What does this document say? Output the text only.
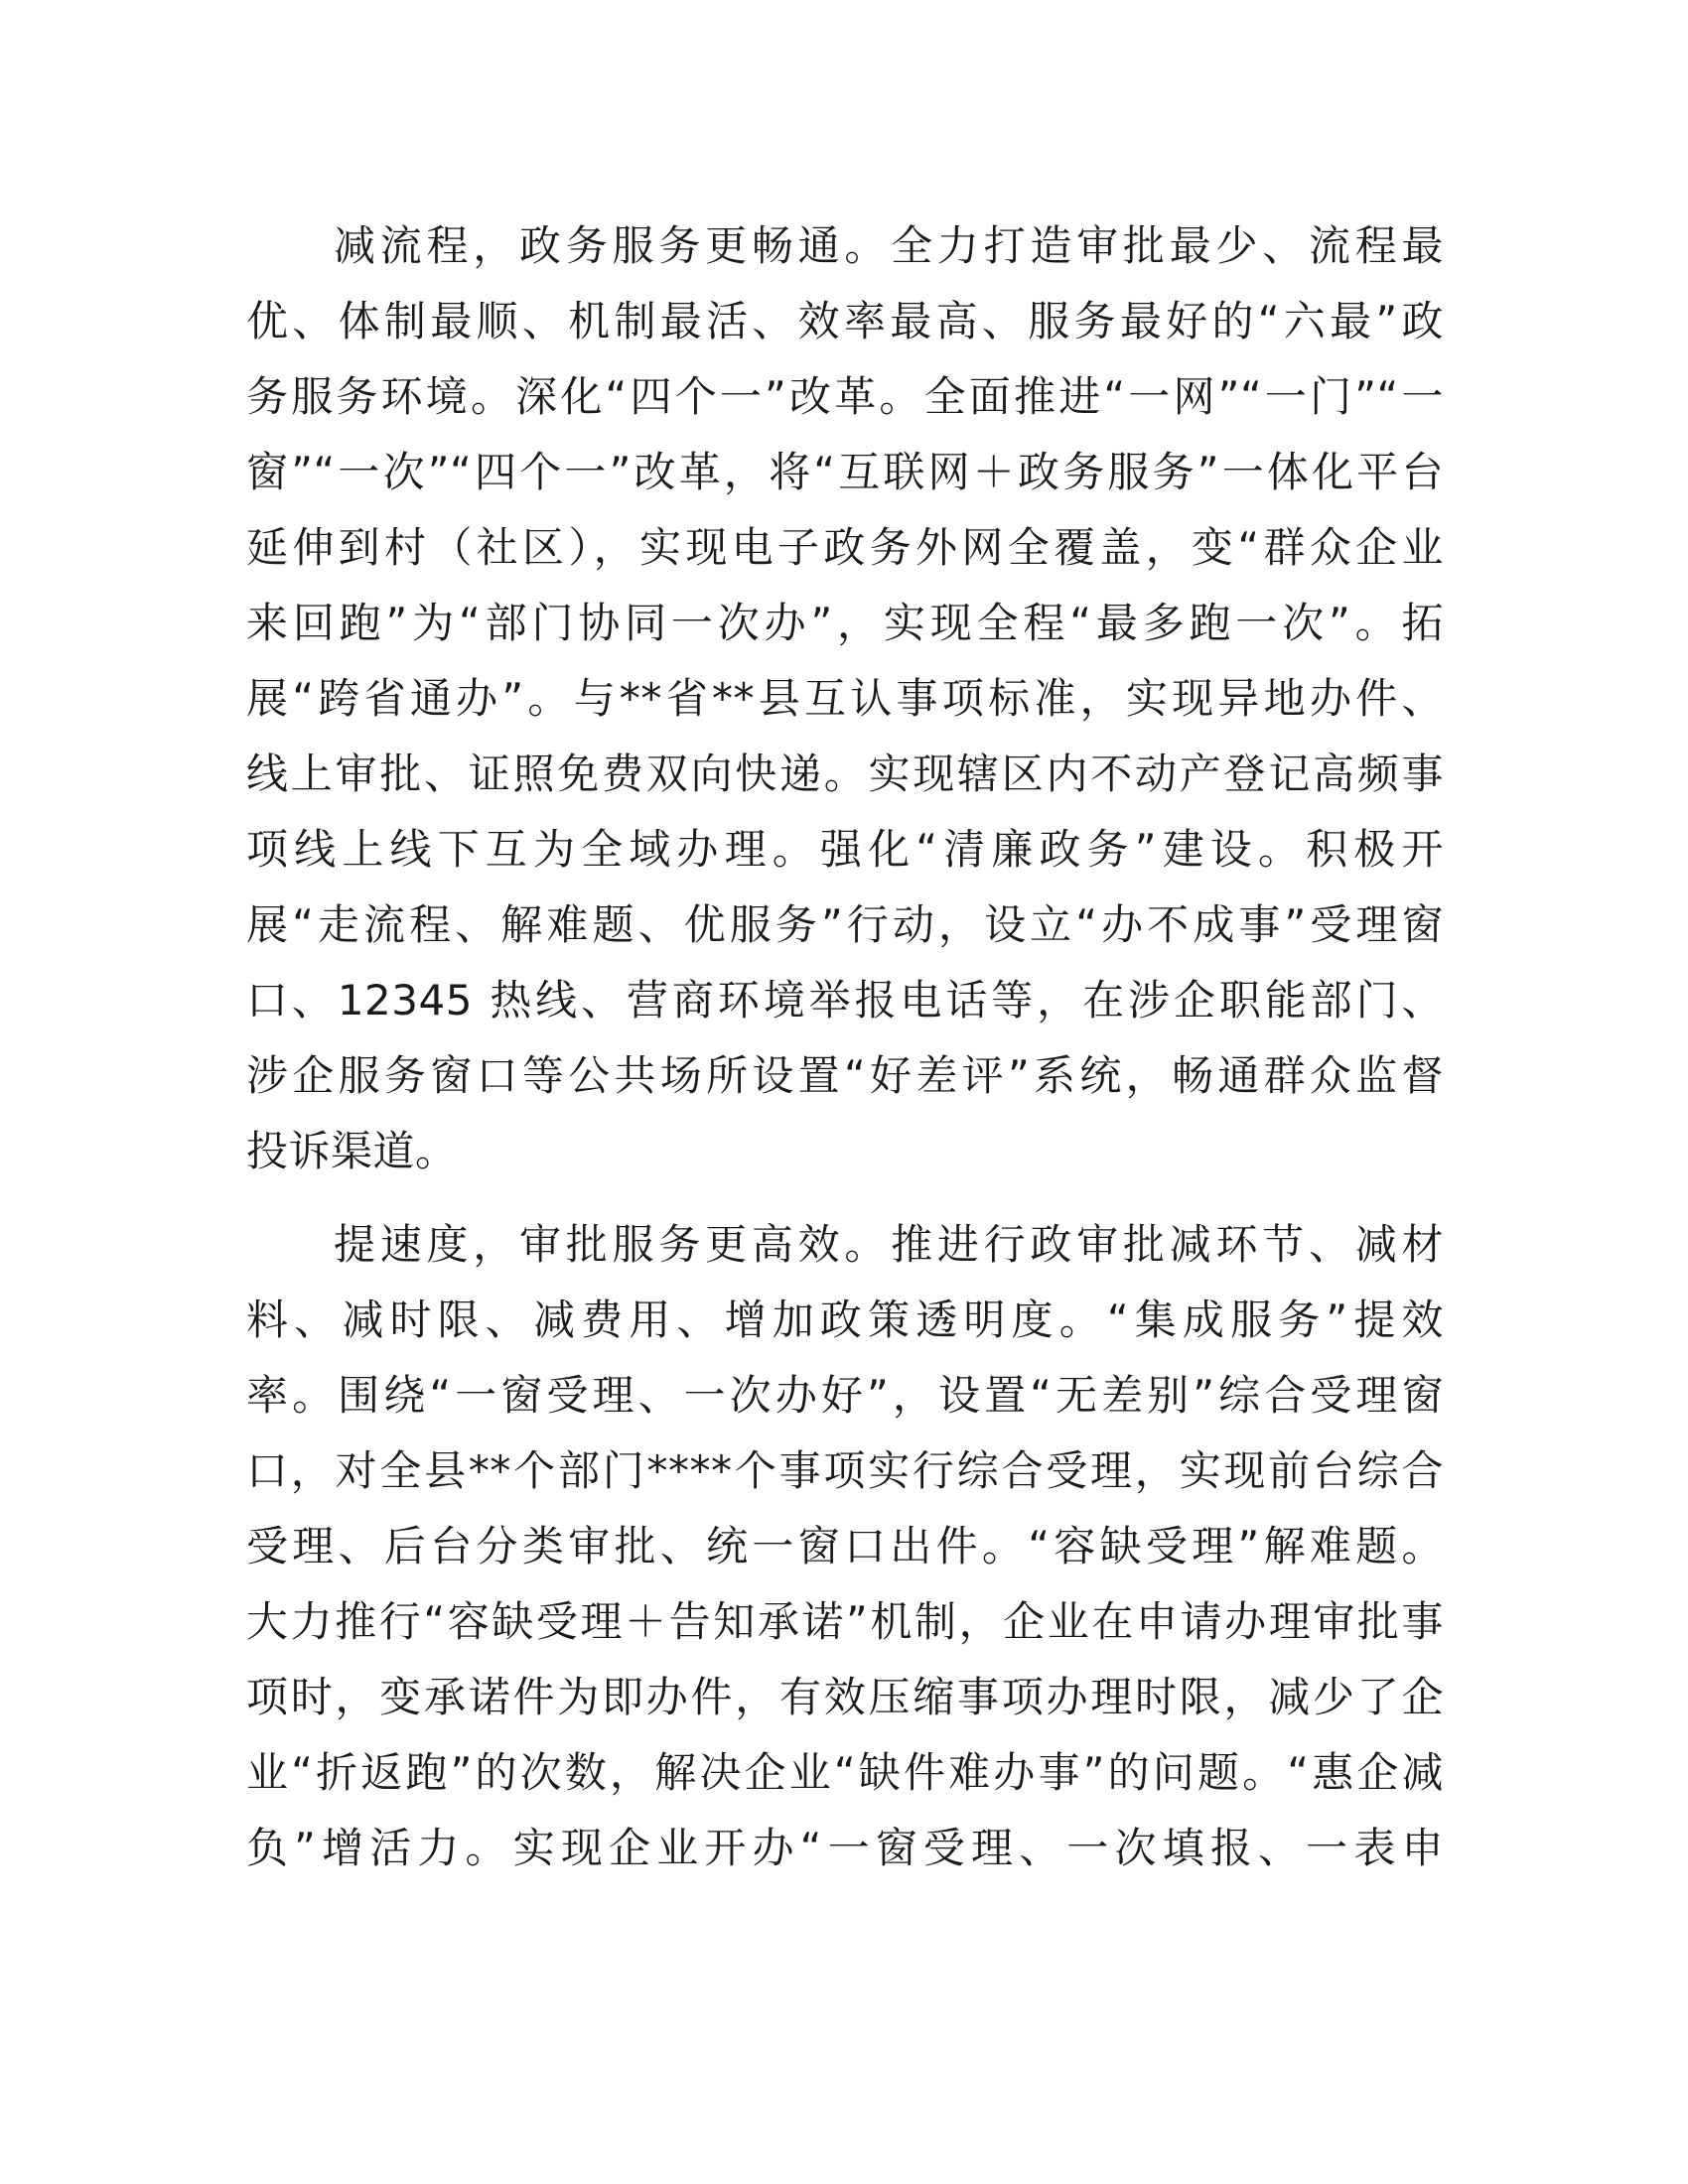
减流程，政务服务更畅通。全力打造审批最少、流程最
优、体制最顺、机制最活、效率最高、服务最好的“六最”政
务服务环境。深化“四个一”改革。全面推进“一网”“一门”“一
窗”“一次”“四个一”改革，将“互联网＋政务服务”一体化平台
延伸到村（社区），实现电子政务外网全覆盖，变“群众企业
来回跑”为“部门协同一次办”，实现全程“最多跑一次”。拓
展“跨省通办”。与**省**县互认事项标准，实现异地办件、
线上审批、证照免费双向快递。实现辖区内不动产登记高频事
项线上线下互为全域办理。强化“清廉政务”建设。积极开
展“走流程、解难题、优服务”行动，设立“办不成事”受理窗
口、12345 热线、营商环境举报电话等，在涉企职能部门、
涉企服务窗口等公共场所设置“好差评”系统，畅通群众监督
投诉渠道。
提速度，审批服务更高效。推进行政审批减环节、减材
料、减时限、减费用、增加政策透明度。“集成服务”提效
率。围绕“一窗受理、一次办好”，设置“无差别”综合受理窗
口，对全县**个部门****个事项实行综合受理，实现前台综合
受理、后台分类审批、统一窗口出件。“容缺受理”解难题。
大力推行“容缺受理＋告知承诺”机制，企业在申请办理审批事
项时，变承诺件为即办件，有效压缩事项办理时限，减少了企
业“折返跑”的次数，解决企业“缺件难办事”的问题。“惠企减
负”增活力。实现企业开办“一窗受理、一次填报、一表申
